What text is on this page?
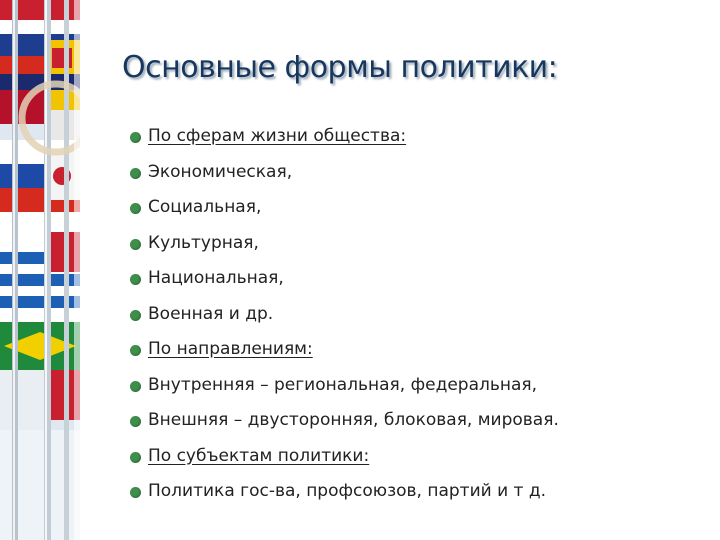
Основные формы политики:
По сферам жизни общества:
Экономическая,
Социальная,
Культурная,
Национальная,
Военная и др.
По направлениям:
Внутренняя – региональная, федеральная,
Внешняя – двусторонняя, блоковая, мировая.
По субъектам политики:
Политика гос-ва, профсоюзов, партий и т д.
